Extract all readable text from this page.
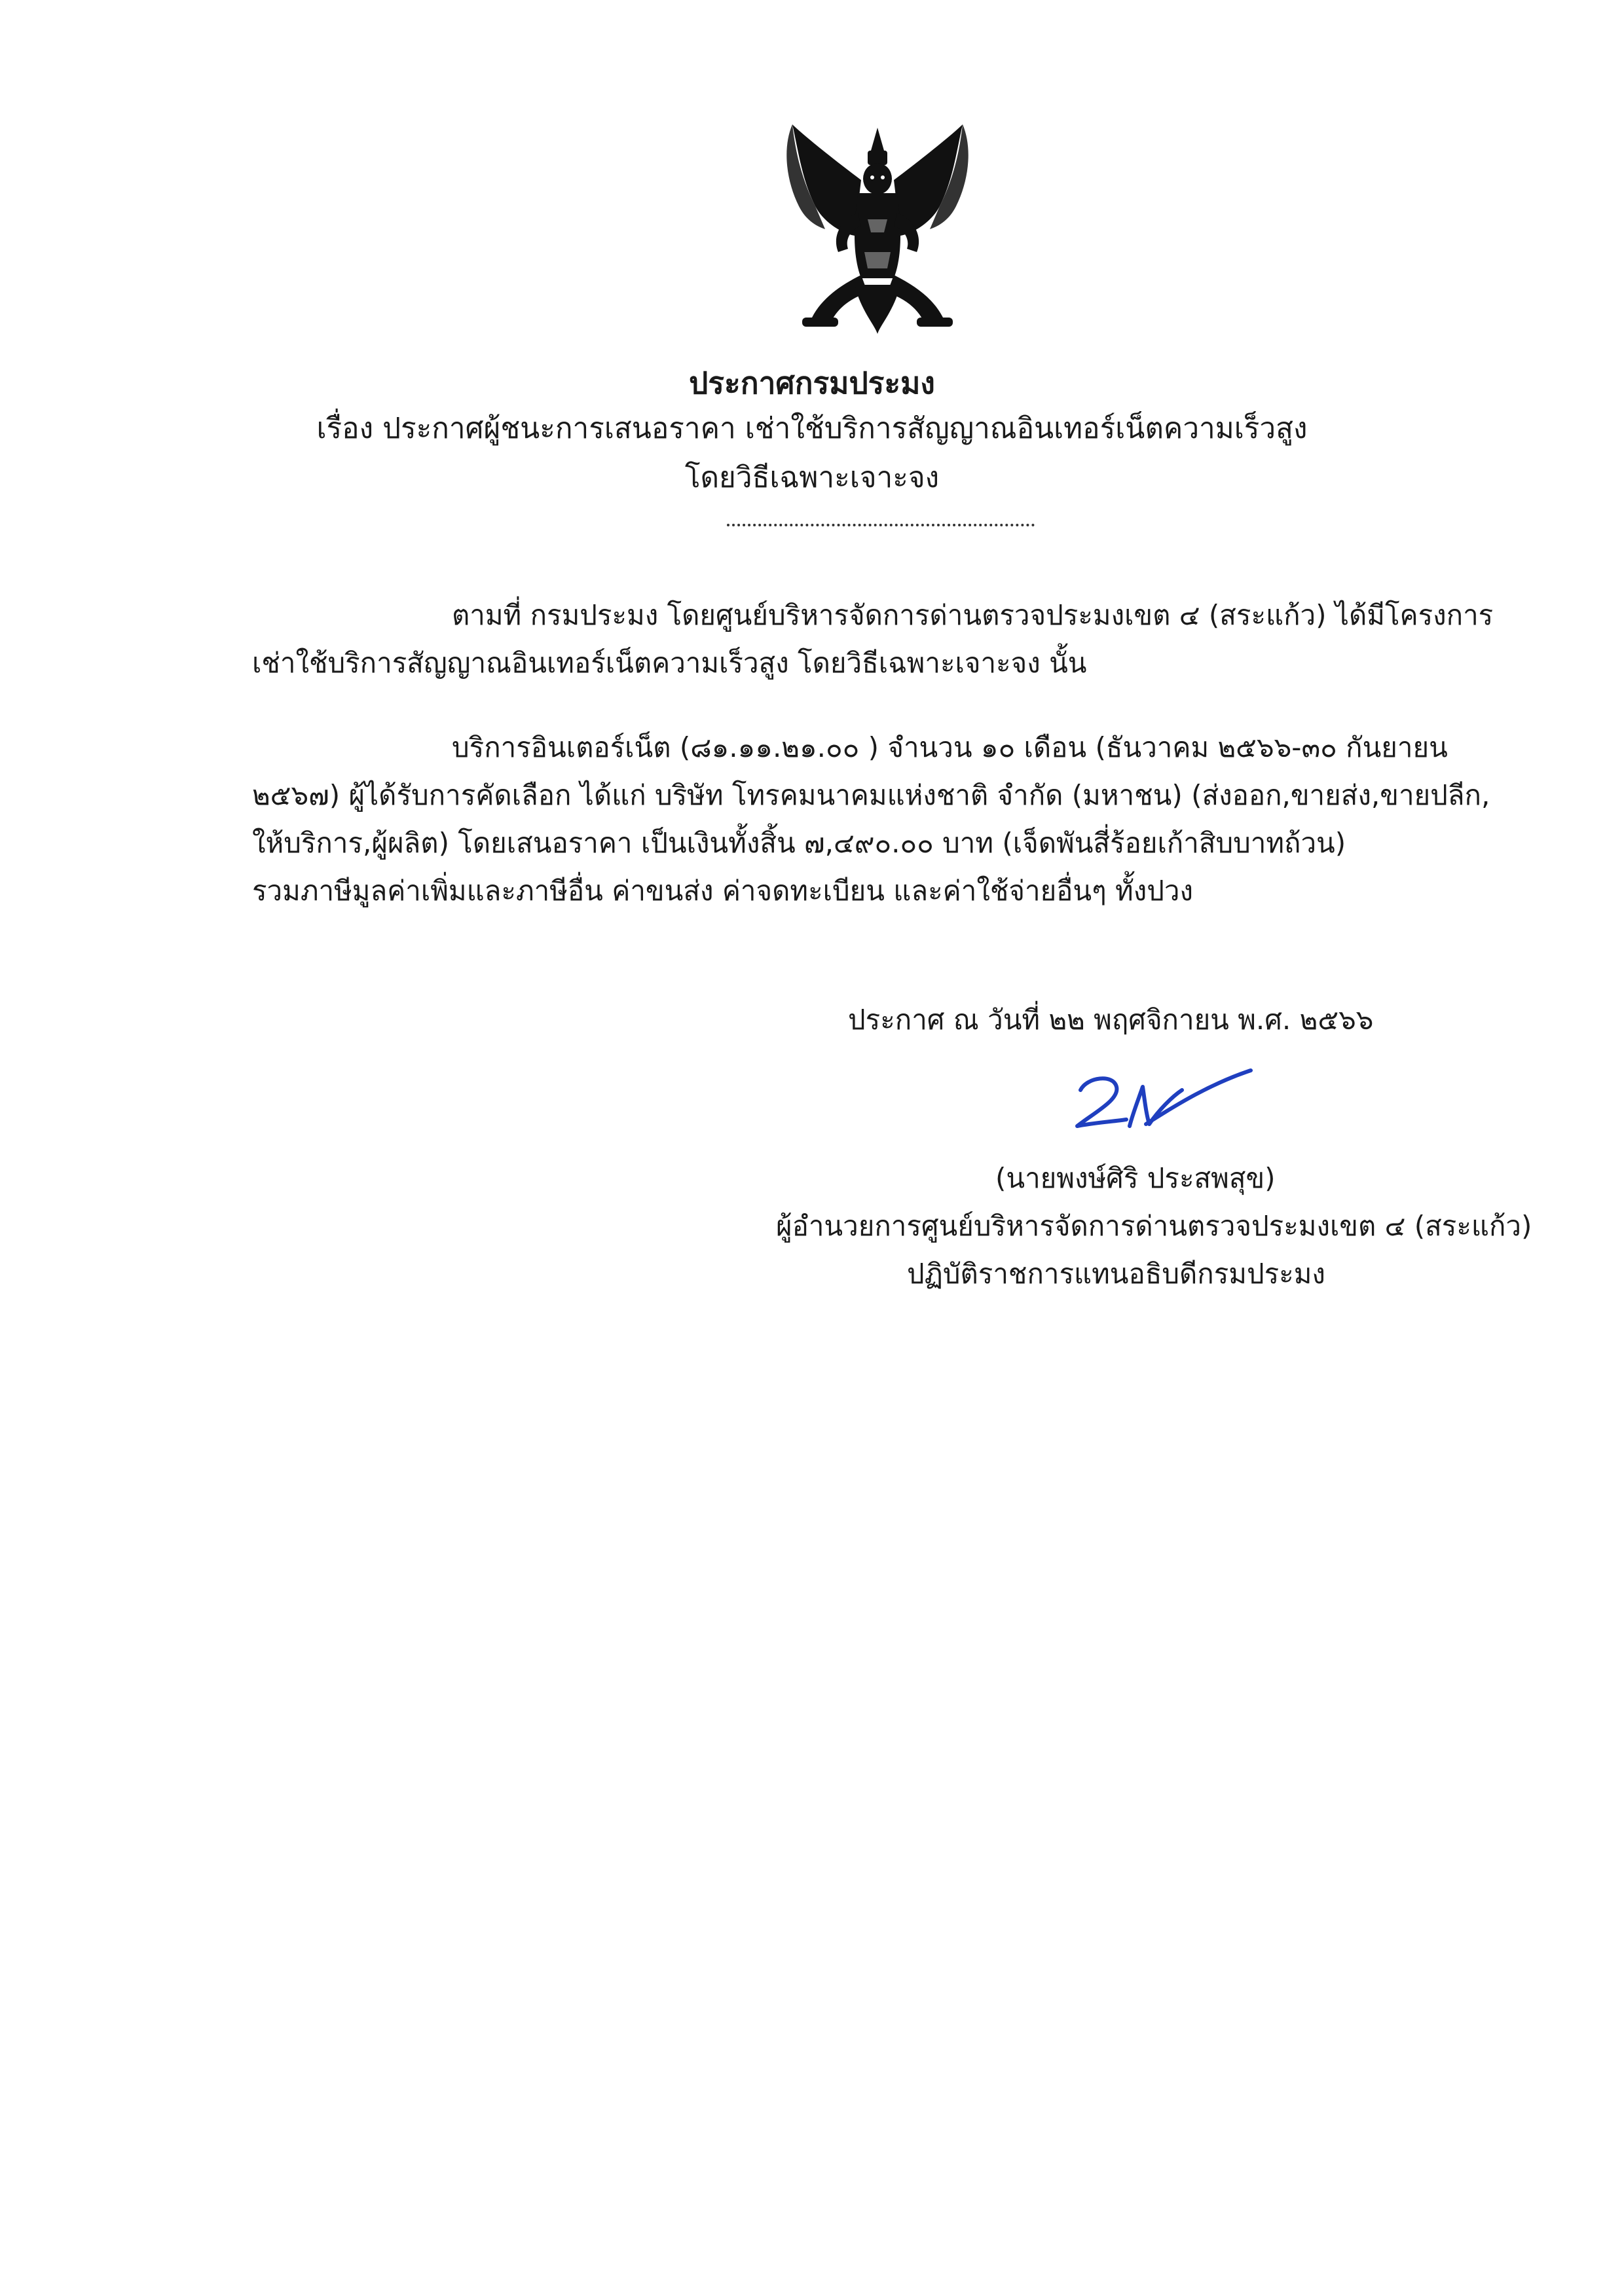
ประกาศกรมประมง
เรื่อง ประกาศผู้ชนะการเสนอราคา เช่าใช้บริการสัญญาณอินเทอร์เน็ตความเร็วสูง
โดยวิธีเฉพาะเจาะจง
ตามที่ กรมประมง โดยศูนย์บริหารจัดการด่านตรวจประมงเขต ๔ (สระแก้ว) ได้มีโครงการ
เช่าใช้บริการสัญญาณอินเทอร์เน็ตความเร็วสูง โดยวิธีเฉพาะเจาะจง นั้น
บริการอินเตอร์เน็ต (๘๑.๑๑.๒๑.๐๐ ) จำนวน ๑๐ เดือน (ธันวาคม ๒๕๖๖-๓๐ กันยายน
๒๕๖๗) ผู้ได้รับการคัดเลือก ได้แก่ บริษัท โทรคมนาคมแห่งชาติ จำกัด (มหาชน) (ส่งออก,ขายส่ง,ขายปลีก,
ให้บริการ,ผู้ผลิต) โดยเสนอราคา เป็นเงินทั้งสิ้น ๗,๔๙๐.๐๐ บาท (เจ็ดพันสี่ร้อยเก้าสิบบาทถ้วน)
รวมภาษีมูลค่าเพิ่มและภาษีอื่น ค่าขนส่ง ค่าจดทะเบียน และค่าใช้จ่ายอื่นๆ ทั้งปวง
ประกาศ ณ วันที่ ๒๒ พฤศจิกายน พ.ศ. ๒๕๖๖
(นายพงษ์ศิริ ประสพสุข)
ผู้อำนวยการศูนย์บริหารจัดการด่านตรวจประมงเขต ๔ (สระแก้ว)
ปฏิบัติราชการแทนอธิบดีกรมประมง
